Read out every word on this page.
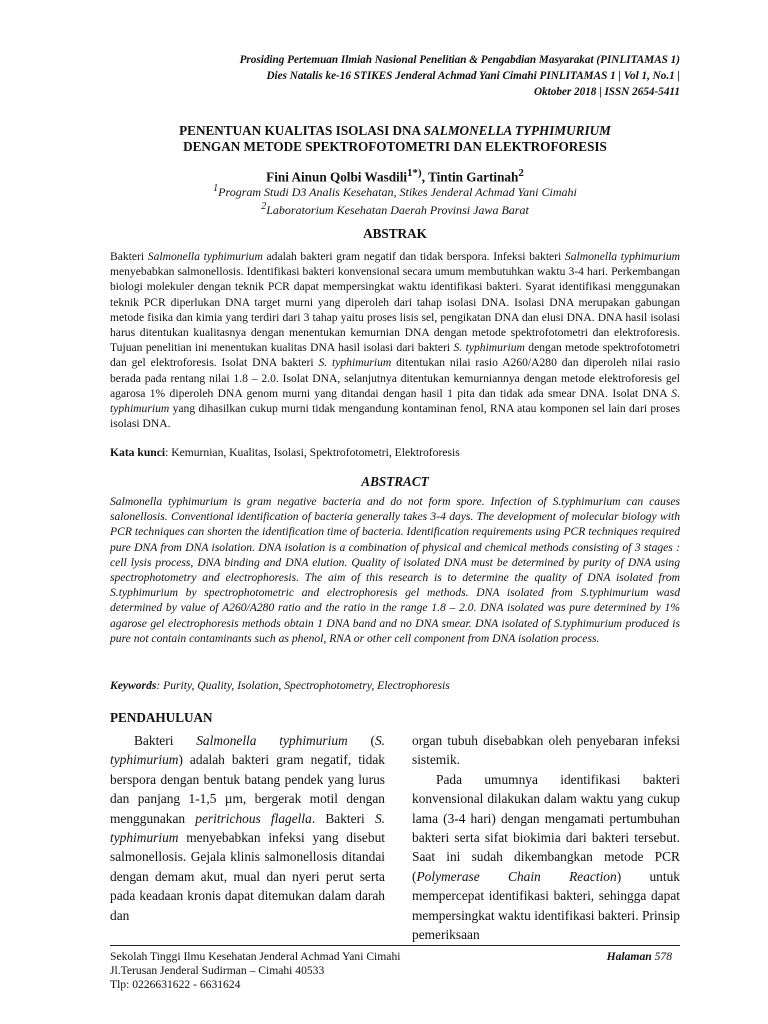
Prosiding Pertemuan Ilmiah Nasional Penelitian & Pengabdian Masyarakat (PINLITAMAS 1)
Dies Natalis ke-16 STIKES Jenderal Achmad Yani Cimahi PINLITAMAS 1 | Vol 1, No.1 |
Oktober 2018 | ISSN 2654-5411
PENENTUAN KUALITAS ISOLASI DNA SALMONELLA TYPHIMURIUM
DENGAN METODE SPEKTROFOTOMETRI DAN ELEKTROFORESIS
Fini Ainun Qolbi Wasdili$^{1*)}$, Tintin Gartinah$^2$
$^1$Program Studi D3 Analis Kesehatan, Stikes Jenderal Achmad Yani Cimahi
$^2$Laboratorium Kesehatan Daerah Provinsi Jawa Barat
ABSTRAK
Bakteri Salmonella typhimurium adalah bakteri gram negatif dan tidak berspora. Infeksi bakteri Salmonella typhimurium menyebabkan salmonellosis. Identifikasi bakteri konvensional secara umum membutuhkan waktu 3-4 hari. Perkembangan biologi molekuler dengan teknik PCR dapat mempersingkat waktu identifikasi bakteri. Syarat identifikasi menggunakan teknik PCR diperlukan DNA target murni yang diperoleh dari tahap isolasi DNA. Isolasi DNA merupakan gabungan metode fisika dan kimia yang terdiri dari 3 tahap yaitu proses lisis sel, pengikatan DNA dan elusi DNA. DNA hasil isolasi harus ditentukan kualitasnya dengan menentukan kemurnian DNA dengan metode spektrofotometri dan elektroforesis. Tujuan penelitian ini menentukan kualitas DNA hasil isolasi dari bakteri S. typhimurium dengan metode spektrofotometri dan gel elektroforesis. Isolat DNA bakteri S. typhimurium ditentukan nilai rasio A260/A280 dan diperoleh nilai rasio berada pada rentang nilai 1.8 – 2.0. Isolat DNA, selanjutnya ditentukan kemurniannya dengan metode elektroforesis gel agarosa 1% diperoleh DNA genom murni yang ditandai dengan hasil 1 pita dan tidak ada smear DNA. Isolat DNA S. typhimurium yang dihasilkan cukup murni tidak mengandung kontaminan fenol, RNA atau komponen sel lain dari proses isolasi DNA.
Kata kunci: Kemurnian, Kualitas, Isolasi, Spektrofotometri, Elektroforesis
ABSTRACT
Salmonella typhimurium is gram negative bacteria and do not form spore. Infection of S.typhimurium can causes salonellosis. Conventional identification of bacteria generally takes 3-4 days. The development of molecular biology with PCR techniques can shorten the identification time of bacteria. Identification requirements using PCR techniques required pure DNA from DNA isolation. DNA isolation is a combination of physical and chemical methods consisting of 3 stages : cell lysis process, DNA binding and DNA elution. Quality of isolated DNA must be determined by purity of DNA using spectrophotometry and electrophoresis. The aim of this research is to determine the quality of DNA isolated from S.typhimurium by spectrophotometric and electrophoresis gel methods. DNA isolated from S.typhimurium wasd determined by value of A260/A280 ratio and the ratio in the range 1.8 – 2.0. DNA isolated was pure determined by 1% agarose gel electrophoresis methods obtain 1 DNA band and no DNA smear. DNA isolated of S.typhimurium produced is pure not contain contaminants such as phenol, RNA or other cell component from DNA isolation process.
Keywords: Purity, Quality, Isolation, Spectrophotometry, Electrophoresis
PENDAHULUAN

Bakteri Salmonella typhimurium (S. typhimurium) adalah bakteri gram negatif, tidak berspora dengan bentuk batang pendek yang lurus dan panjang 1-1,5 µm, bergerak motil dengan menggunakan peritrichous flagella. Bakteri S. typhimurium menyebabkan infeksi yang disebut salmonellosis. Gejala klinis salmonellosis ditandai dengan demam akut, mual dan nyeri perut serta pada keadaan kronis dapat ditemukan dalam darah dan

organ tubuh disebabkan oleh penyebaran infeksi sistemik.

Pada umumnya identifikasi bakteri konvensional dilakukan dalam waktu yang cukup lama (3-4 hari) dengan mengamati pertumbuhan bakteri serta sifat biokimia dari bakteri tersebut. Saat ini sudah dikembangkan metode PCR (Polymerase Chain Reaction) untuk mempercepat identifikasi bakteri, sehingga dapat mempersingkat waktu identifikasi bakteri. Prinsip pemeriksaan

Sekolah Tinggi Ilmu Kesehatan Jenderal Achmad Yani Cimahi
Jl.Terusan Jenderal Sudirman – Cimahi 40533
Tlp: 0226631622 - 6631624
Halaman 578
